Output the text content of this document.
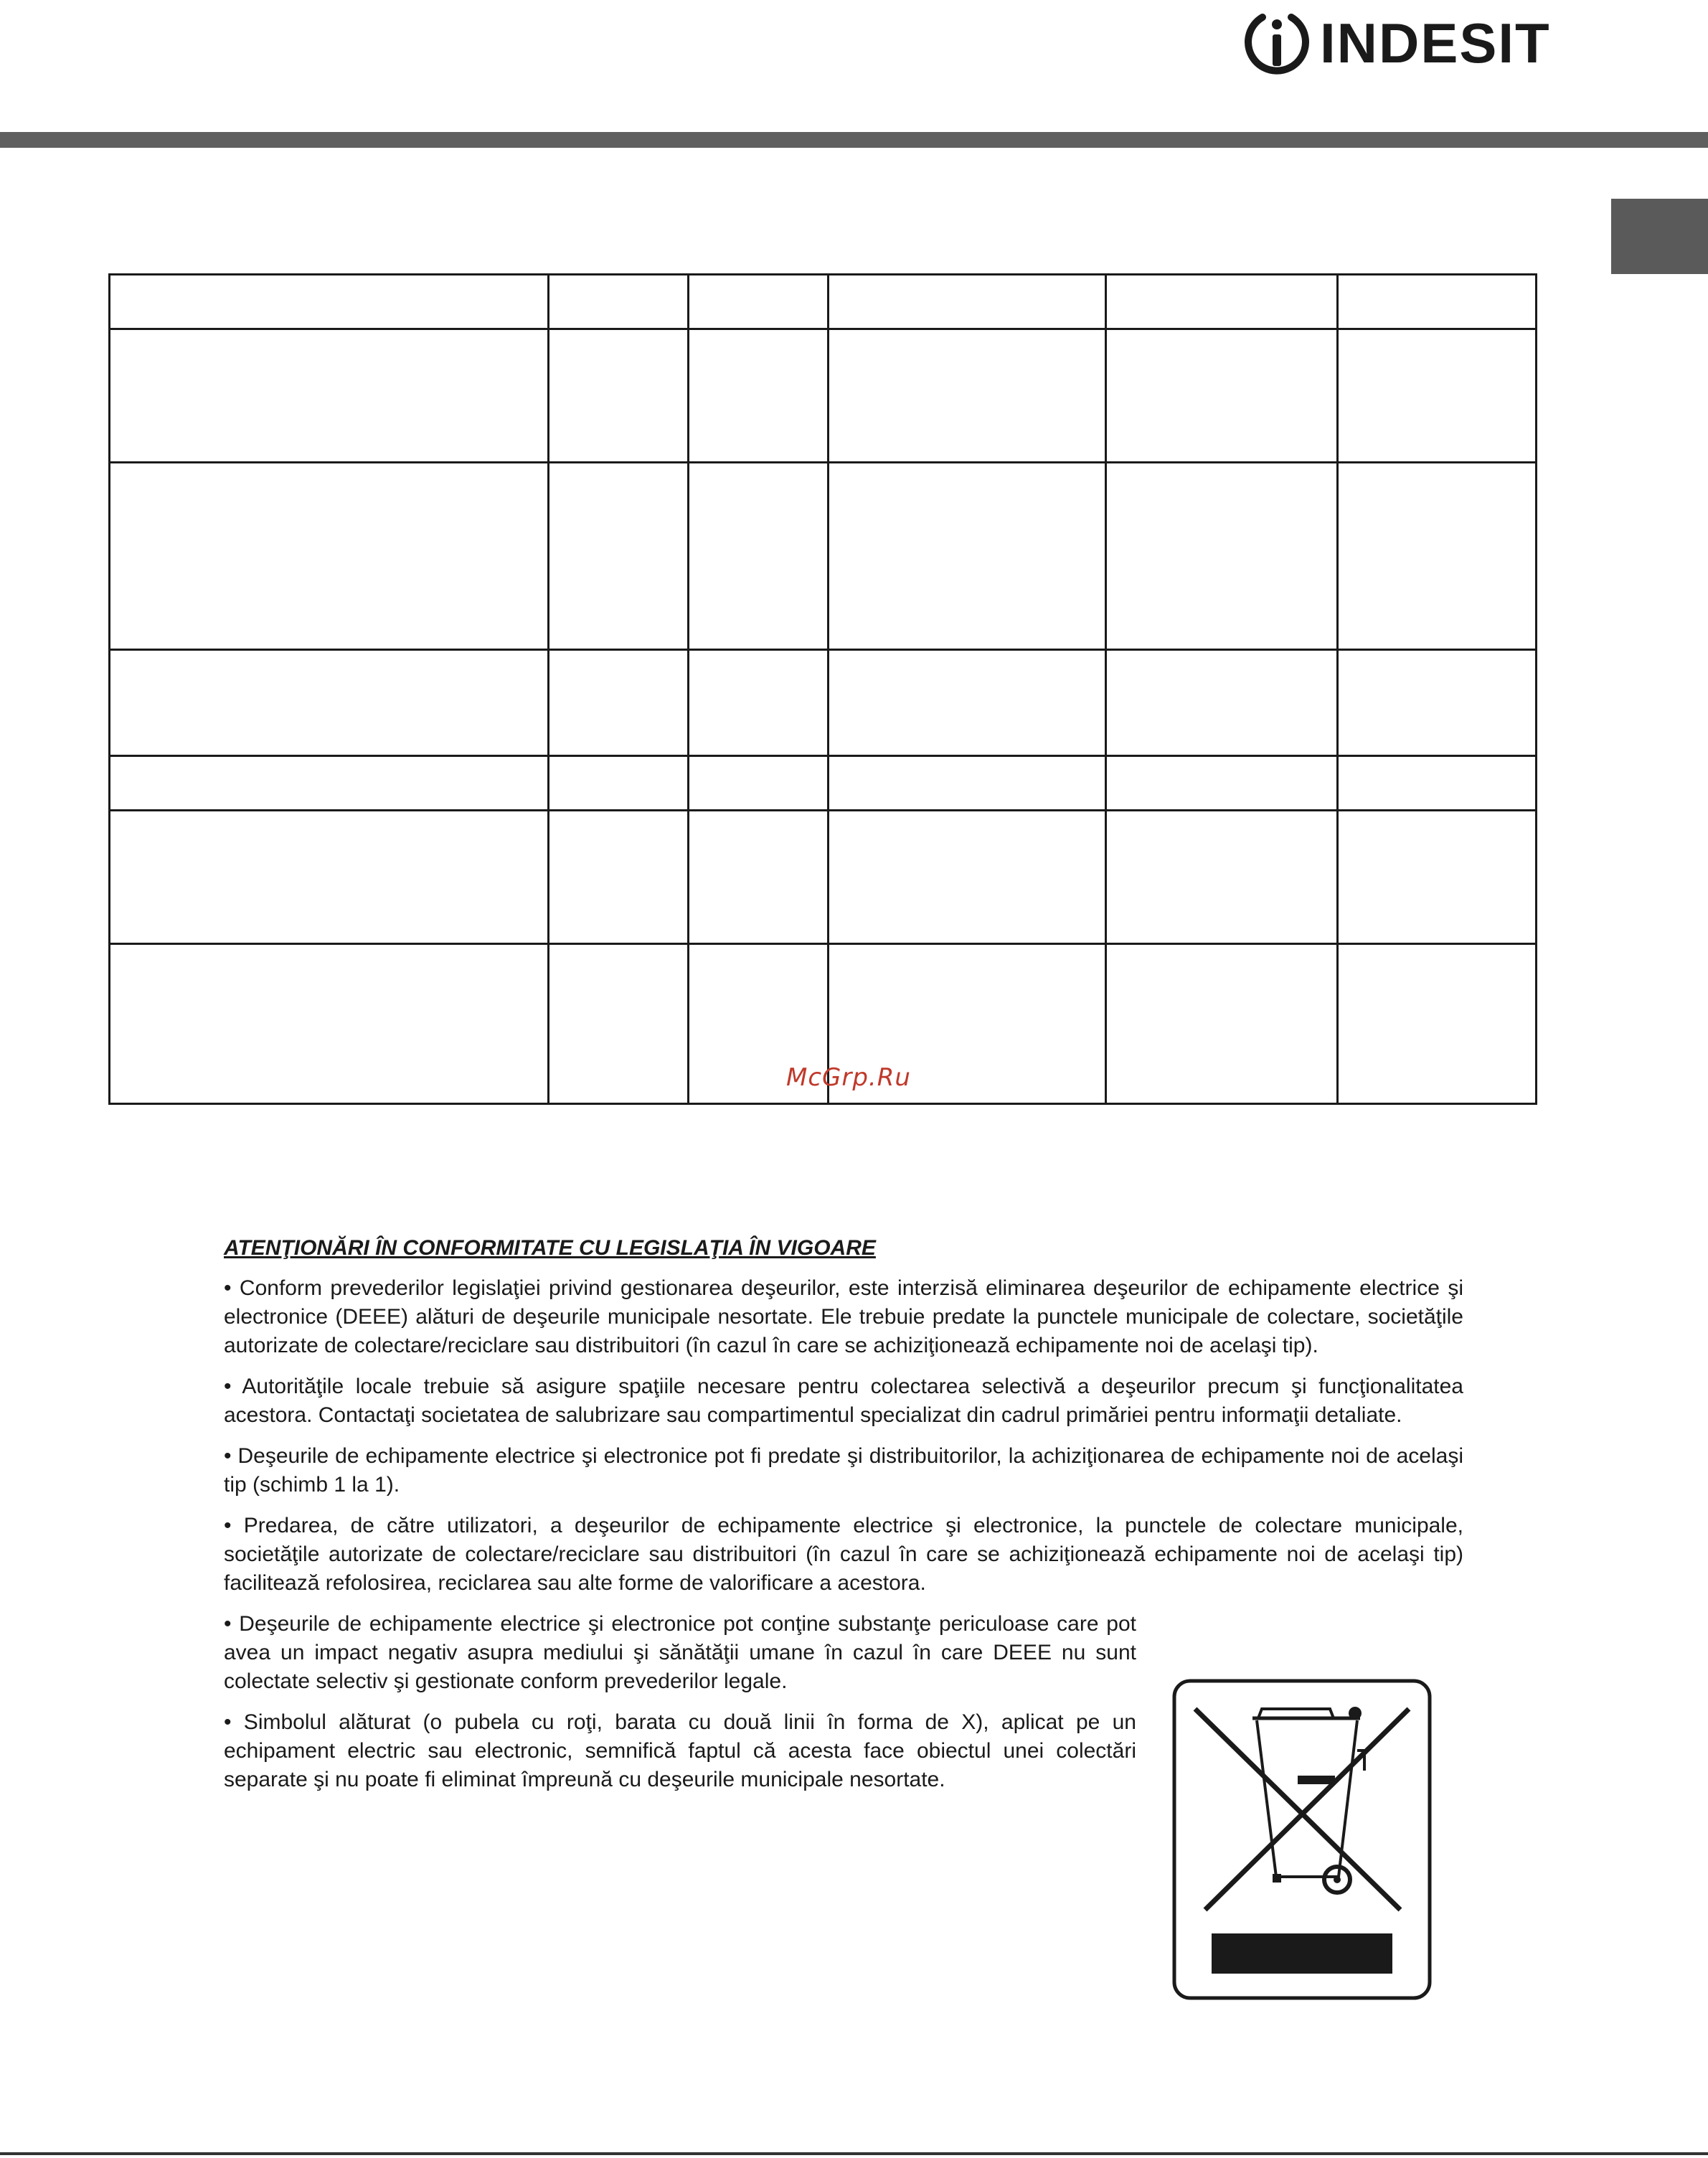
INDESIT

McGrp.Ru

ATENŢIONĂRI ÎN CONFORMITATE CU LEGISLAŢIA ÎN VIGOARE

• Conform prevederilor legislaţiei privind gestionarea deşeurilor, este interzisă eliminarea deşeurilor de echipamente electrice şi electronice (DEEE) alături de deşeurile municipale nesortate. Ele trebuie predate la punctele municipale de colectare, societăţile autorizate de colectare/reciclare sau distribuitori (în cazul în care se achiziţionează echipamente noi de acelaşi tip).

• Autorităţile locale trebuie să asigure spaţiile necesare pentru colectarea selectivă a deşeurilor precum şi funcţionalitatea acestora. Contactaţi societatea de salubrizare sau compartimentul specializat din cadrul primăriei pentru informaţii detaliate.

• Deşeurile de echipamente electrice şi electronice pot fi predate şi distribuitorilor, la achiziţionarea de echipamente noi de acelaşi tip (schimb 1 la 1).

• Predarea, de către utilizatori, a deşeurilor de echipamente electrice şi electronice, la punctele de colectare municipale, societăţile autorizate de colectare/reciclare sau distribuitori (în cazul în care se achiziţionează echipamente noi de acelaşi tip) facilitează refolosirea, reciclarea sau alte forme de valorificare a acestora.

• Deşeurile de echipamente electrice şi electronice pot conţine substanţe periculoase care pot avea un impact negativ asupra mediului şi sănătăţii umane în cazul în care DEEE nu sunt colectate selectiv şi gestionate conform prevederilor legale.

• Simbolul alăturat (o pubela cu roţi, barata cu două linii în forma de X), aplicat pe un echipament electric sau electronic, semnifică faptul că acesta face obiectul unei colectări separate şi nu poate fi eliminat împreună cu deşeurile municipale nesortate.
